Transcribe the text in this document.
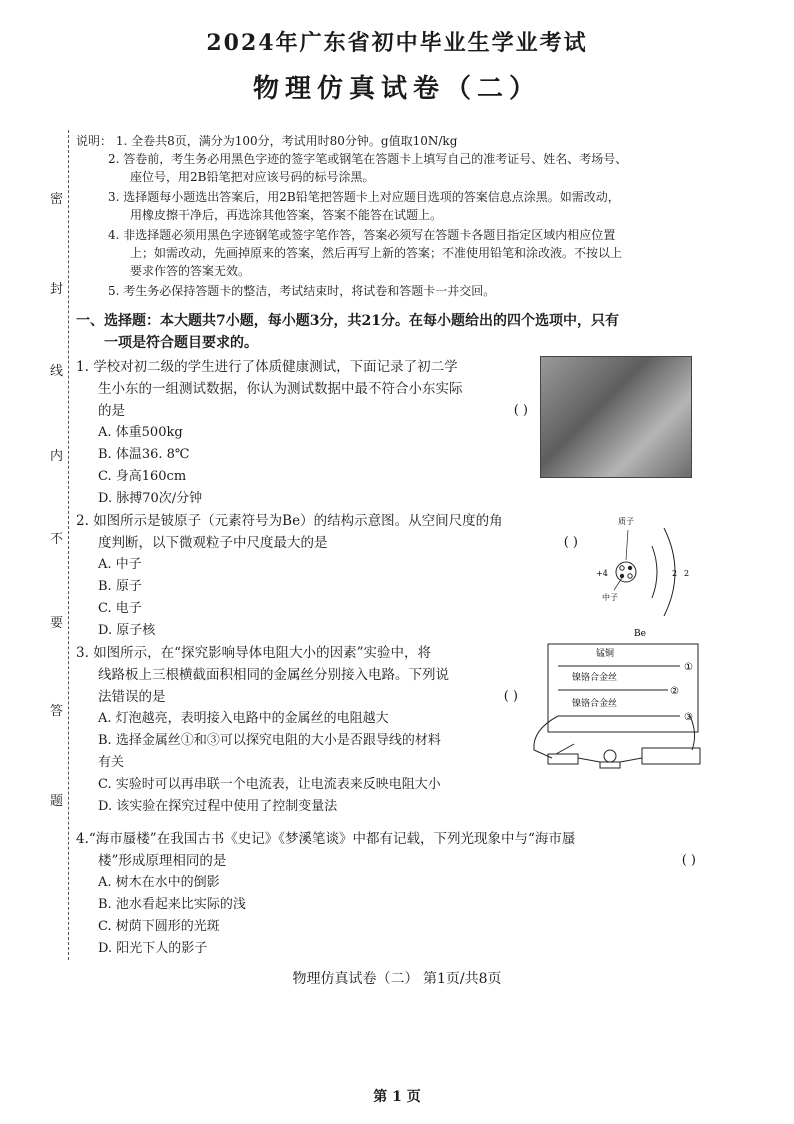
2024年广东省初中毕业生学业考试
物理仿真试卷（二）
密
封
线
内
不
要
答
题
说明： 1. 全卷共8页，满分为100分，考试用时80分钟。g值取10N/kg
2. 答卷前，考生务必用黑色字迹的签字笔或钢笔在答题卡上填写自己的准考证号、姓名、考场号、
座位号，用2B铅笔把对应该号码的标号涂黑。
3. 选择题每小题选出答案后，用2B铅笔把答题卡上对应题目选项的答案信息点涂黑。如需改动，
用橡皮擦干净后，再选涂其他答案，答案不能答在试题上。
4. 非选择题必须用黑色字迹钢笔或签字笔作答，答案必须写在答题卡各题目指定区域内相应位置
上；如需改动，先画掉原来的答案，然后再写上新的答案；不准使用铅笔和涂改液。不按以上
要求作答的答案无效。
5. 考生务必保持答题卡的整洁，考试结束时，将试卷和答题卡一并交回。
一、选择题：本大题共7小题，每小题3分，共21分。在每小题给出的四个选项中，只有
一项是符合题目要求的。
1. 学校对初二级的学生进行了体质健康测试，下面记录了初二学
生小东的一组测试数据，你认为测试数据中最不符合小东实际
的是	( )
A. 体重500kg
B. 体温36. 8℃
C. 身高160cm
D. 脉搏70次/分钟
2. 如图所示是铍原子（元素符号为Be）的结构示意图。从空间尺度的角
度判断，以下微观粒子中尺度最大的是	( )
A. 中子
B. 原子
C. 电子
D. 原子核
质子
中子
+4	2 2
Be
3. 如图所示，在“探究影响导体电阻大小的因素”实验中，将
线路板上三根横截面积相同的金属丝分别接入电路。下列说
法错误的是	( )
A. 灯泡越亮，表明接入电路中的金属丝的电阻越大
B. 选择金属丝①和③可以探究电阻的大小是否跟导线的材料
有关
C. 实验时可以再串联一个电流表，让电流表来反映电阻大小
D. 该实验在探究过程中使用了控制变量法
锰铜
①
镍铬合金丝
②
镍铬合金丝
③
4.“海市蜃楼”在我国古书《史记》《梦溪笔谈》中都有记载，下列光现象中与“海市蜃
楼”形成原理相同的是	( )
A. 树木在水中的倒影
B. 池水看起来比实际的浅
C. 树荫下圆形的光斑
D. 阳光下人的影子
物理仿真试卷（二） 第1页/共8页
第 1 页
